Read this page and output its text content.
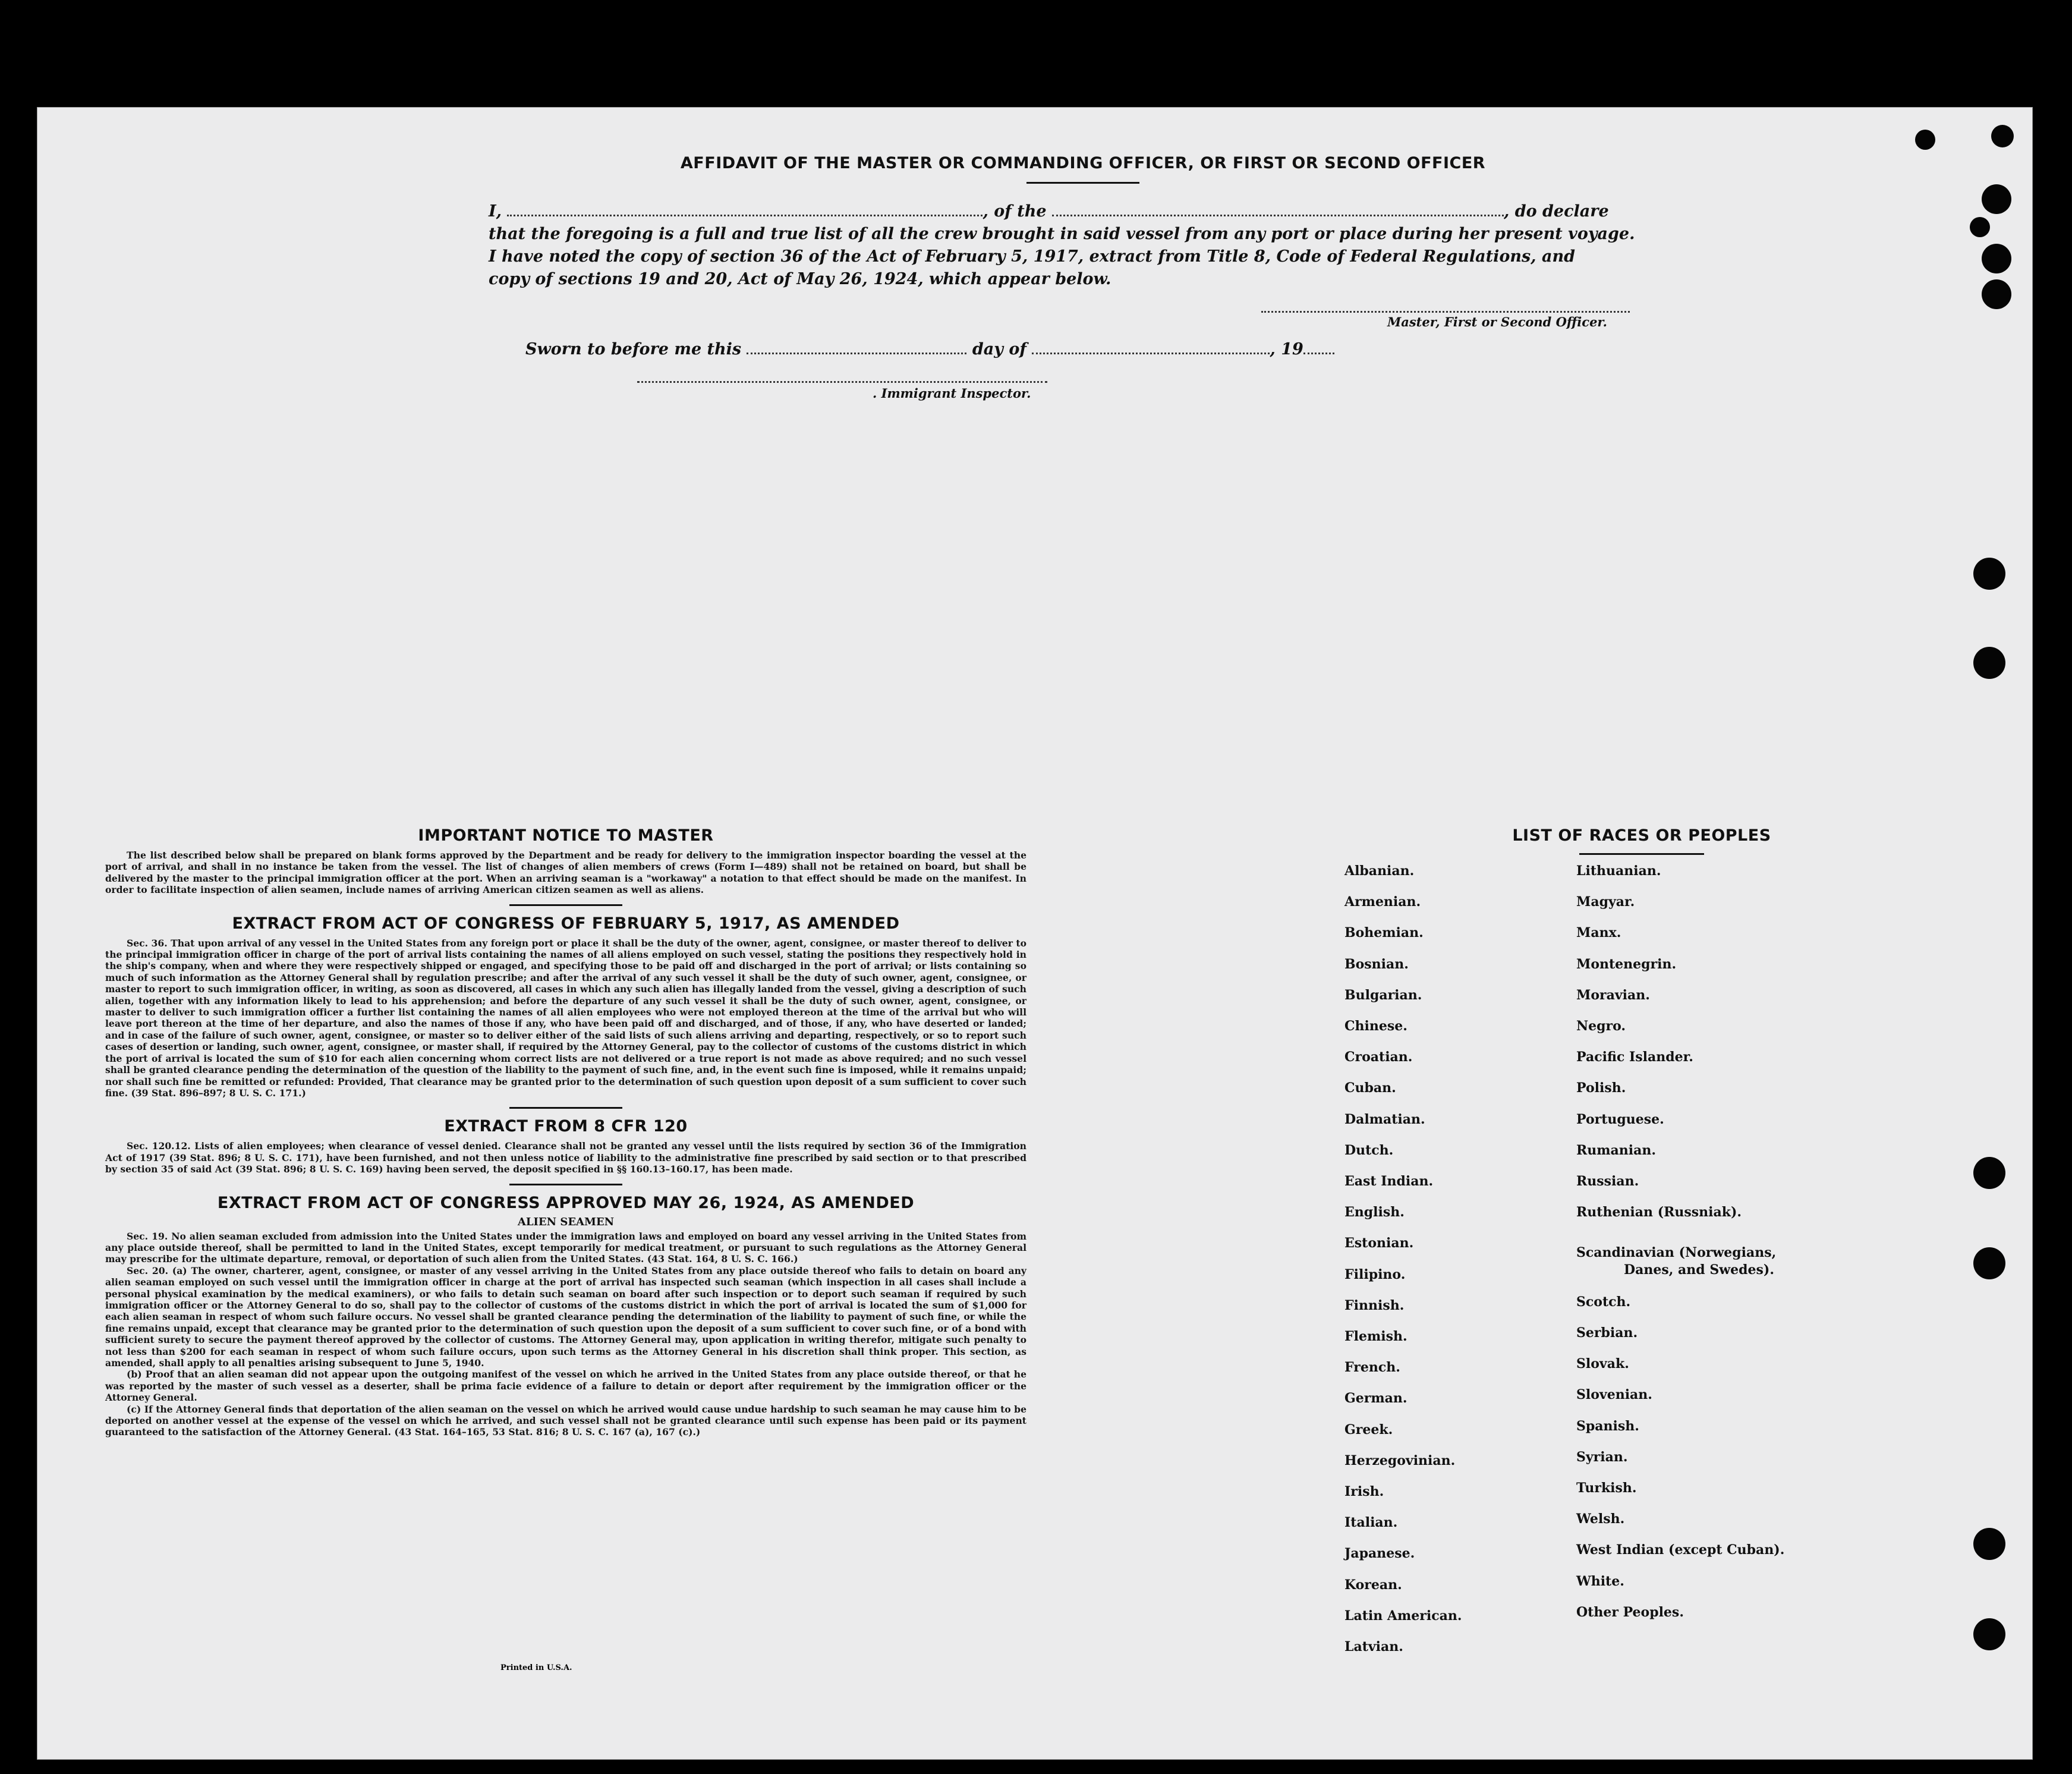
AFFIDAVIT OF THE MASTER OR COMMANDING OFFICER, OR FIRST OR SECOND OFFICER
I,	, of the	, do declare
that the foregoing is a full and true list of all the crew brought in said vessel from any port or place during her present voyage.
I have noted the copy of section 36 of the Act of February 5, 1917, extract from Title 8, Code of Federal Regulations, and
copy of sections 19 and 20, Act of May 26, 1924, which appear below.
Master, First or Second Officer.
Sworn to before me this	day of	, 19
. Immigrant Inspector.
IMPORTANT NOTICE TO MASTER

The list described below shall be prepared on blank forms approved by the Department and be ready for delivery to the immigration inspector boarding the vessel at the port of arrival, and shall in no instance be taken from the vessel. The list of changes of alien members of crews (Form I—489) shall not be retained on board, but shall be delivered by the master to the principal immigration officer at the port. When an arriving seaman is a "workaway" a notation to that effect should be made on the manifest. In order to facilitate inspection of alien seamen, include names of arriving American citizen seamen as well as aliens.

EXTRACT FROM ACT OF CONGRESS OF FEBRUARY 5, 1917, AS AMENDED

Sec. 36. That upon arrival of any vessel in the United States from any foreign port or place it shall be the duty of the owner, agent, consignee, or master thereof to deliver to the principal immigration officer in charge of the port of arrival lists containing the names of all aliens employed on such vessel, stating the positions they respectively hold in the ship's company, when and where they were respectively shipped or engaged, and specifying those to be paid off and discharged in the port of arrival; or lists containing so much of such information as the Attorney General shall by regulation prescribe; and after the arrival of any such vessel it shall be the duty of such owner, agent, consignee, or master to report to such immigration officer, in writing, as soon as discovered, all cases in which any such alien has illegally landed from the vessel, giving a description of such alien, together with any information likely to lead to his apprehension; and before the departure of any such vessel it shall be the duty of such owner, agent, consignee, or master to deliver to such immigration officer a further list containing the names of all alien employees who were not employed thereon at the time of the arrival but who will leave port thereon at the time of her departure, and also the names of those if any, who have been paid off and discharged, and of those, if any, who have deserted or landed; and in case of the failure of such owner, agent, consignee, or master so to deliver either of the said lists of such aliens arriving and departing, respectively, or so to report such cases of desertion or landing, such owner, agent, consignee, or master shall, if required by the Attorney General, pay to the collector of customs of the customs district in which the port of arrival is located the sum of $10 for each alien concerning whom correct lists are not delivered or a true report is not made as above required; and no such vessel shall be granted clearance pending the determination of the question of the liability to the payment of such fine, and, in the event such fine is imposed, while it remains unpaid; nor shall such fine be remitted or refunded: Provided, That clearance may be granted prior to the determination of such question upon deposit of a sum sufficient to cover such fine. (39 Stat. 896–897; 8 U. S. C. 171.)

EXTRACT FROM 8 CFR 120

Sec. 120.12. Lists of alien employees; when clearance of vessel denied. Clearance shall not be granted any vessel until the lists required by section 36 of the Immigration Act of 1917 (39 Stat. 896; 8 U. S. C. 171), have been furnished, and not then unless notice of liability to the administrative fine prescribed by said section or to that prescribed by section 35 of said Act (39 Stat. 896; 8 U. S. C. 169) having been served, the deposit specified in §§ 160.13–160.17, has been made.

EXTRACT FROM ACT OF CONGRESS APPROVED MAY 26, 1924, AS AMENDED
ALIEN SEAMEN

Sec. 19. No alien seaman excluded from admission into the United States under the immigration laws and employed on board any vessel arriving in the United States from any place outside thereof, shall be permitted to land in the United States, except temporarily for medical treatment, or pursuant to such regulations as the Attorney General may prescribe for the ultimate departure, removal, or deportation of such alien from the United States. (43 Stat. 164, 8 U. S. C. 166.)

Sec. 20. (a) The owner, charterer, agent, consignee, or master of any vessel arriving in the United States from any place outside thereof who fails to detain on board any alien seaman employed on such vessel until the immigration officer in charge at the port of arrival has inspected such seaman (which inspection in all cases shall include a personal physical examination by the medical examiners), or who fails to detain such seaman on board after such inspection or to deport such seaman if required by such immigration officer or the Attorney General to do so, shall pay to the collector of customs of the customs district in which the port of arrival is located the sum of $1,000 for each alien seaman in respect of whom such failure occurs. No vessel shall be granted clearance pending the determination of the liability to payment of such fine, or while the fine remains unpaid, except that clearance may be granted prior to the determination of such question upon the deposit of a sum sufficient to cover such fine, or of a bond with sufficient surety to secure the payment thereof approved by the collector of customs. The Attorney General may, upon application in writing therefor, mitigate such penalty to not less than $200 for each seaman in respect of whom such failure occurs, upon such terms as the Attorney General in his discretion shall think proper. This section, as amended, shall apply to all penalties arising subsequent to June 5, 1940.

(b) Proof that an alien seaman did not appear upon the outgoing manifest of the vessel on which he arrived in the United States from any place outside thereof, or that he was reported by the master of such vessel as a deserter, shall be prima facie evidence of a failure to detain or deport after requirement by the immigration officer or the Attorney General.

(c) If the Attorney General finds that deportation of the alien seaman on the vessel on which he arrived would cause undue hardship to such seaman he may cause him to be deported on another vessel at the expense of the vessel on which he arrived, and such vessel shall not be granted clearance until such expense has been paid or its payment guaranteed to the satisfaction of the Attorney General. (43 Stat. 164–165, 53 Stat. 816; 8 U. S. C. 167 (a), 167 (c).)

Printed in U.S.A.
LIST OF RACES OR PEOPLES
Albanian.
Armenian.
Bohemian.
Bosnian.
Bulgarian.
Chinese.
Croatian.
Cuban.
Dalmatian.
Dutch.
East Indian.
English.
Estonian.
Filipino.
Finnish.
Flemish.
French.
German.
Greek.
Herzegovinian.
Irish.
Italian.
Japanese.
Korean.
Latin American.
Latvian.
Lithuanian.
Magyar.
Manx.
Montenegrin.
Moravian.
Negro.
Pacific Islander.
Polish.
Portuguese.
Rumanian.
Russian.
Ruthenian (Russniak).
Scandinavian (Norwegians,
Danes, and Swedes).
Scotch.
Serbian.
Slovak.
Slovenian.
Spanish.
Syrian.
Turkish.
Welsh.
West Indian (except Cuban).
White.
Other Peoples.
